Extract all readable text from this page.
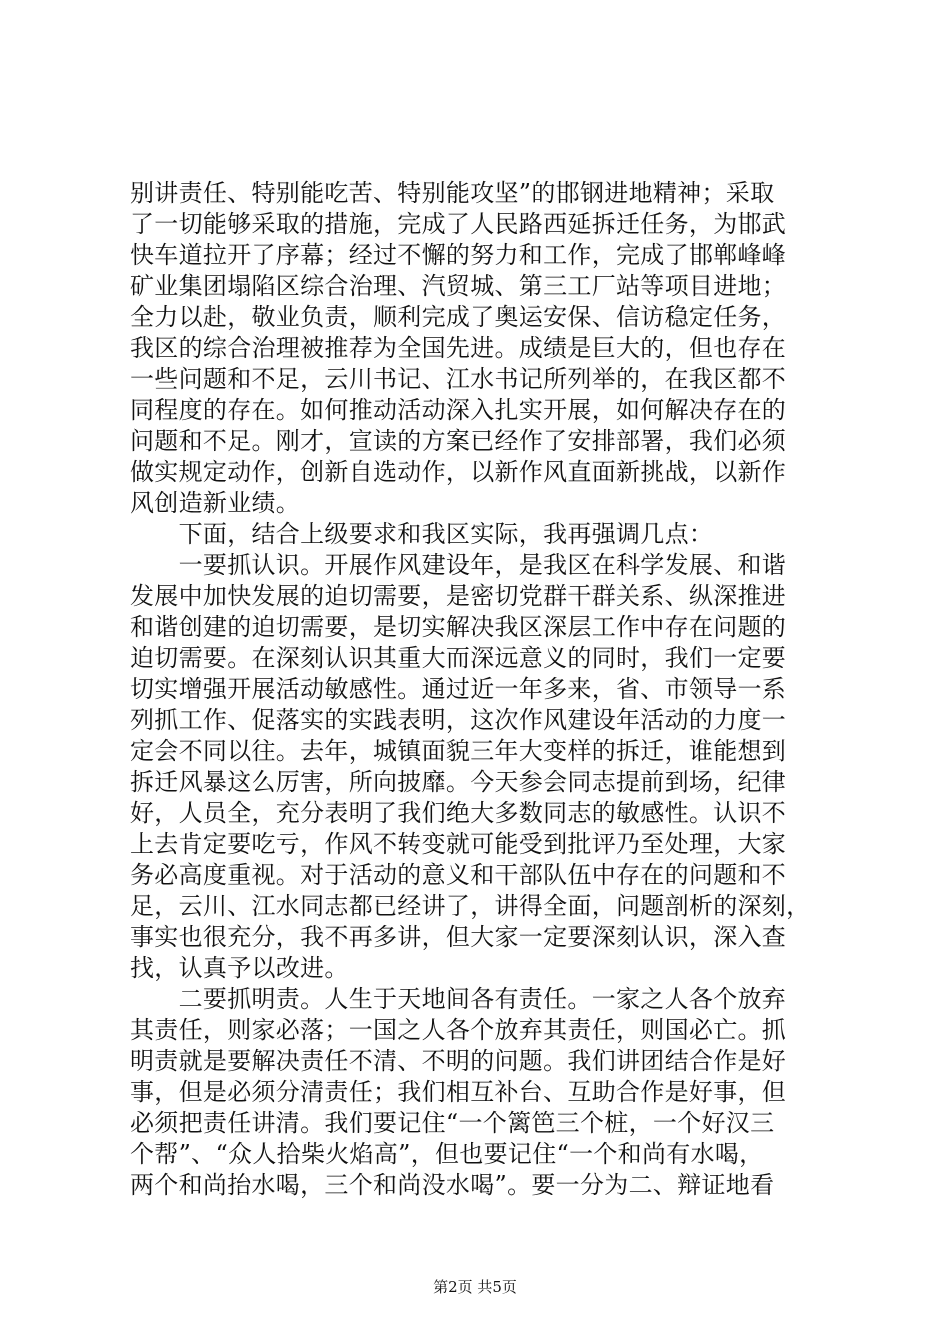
别讲责任、特别能吃苦、特别能攻坚”的邯钢进地精神；采取
了一切能够采取的措施，完成了人民路西延拆迁任务，为邯武
快车道拉开了序幕；经过不懈的努力和工作，完成了邯郸峰峰
矿业集团塌陷区综合治理、汽贸城、第三工厂站等项目进地；
全力以赴，敬业负责，顺利完成了奥运安保、信访稳定任务，
我区的综合治理被推荐为全国先进。成绩是巨大的，但也存在
一些问题和不足，云川书记、江水书记所列举的，在我区都不
同程度的存在。如何推动活动深入扎实开展，如何解决存在的
问题和不足。刚才，宣读的方案已经作了安排部署，我们必须
做实规定动作，创新自选动作，以新作风直面新挑战，以新作
风创造新业绩。
　　下面，结合上级要求和我区实际，我再强调几点：
　　一要抓认识。开展作风建设年，是我区在科学发展、和谐
发展中加快发展的迫切需要，是密切党群干群关系、纵深推进
和谐创建的迫切需要，是切实解决我区深层工作中存在问题的
迫切需要。在深刻认识其重大而深远意义的同时，我们一定要
切实增强开展活动敏感性。通过近一年多来，省、市领导一系
列抓工作、促落实的实践表明，这次作风建设年活动的力度一
定会不同以往。去年，城镇面貌三年大变样的拆迁，谁能想到
拆迁风暴这么厉害，所向披靡。今天参会同志提前到场，纪律
好，人员全，充分表明了我们绝大多数同志的敏感性。认识不
上去肯定要吃亏，作风不转变就可能受到批评乃至处理，大家
务必高度重视。对于活动的意义和干部队伍中存在的问题和不
足，云川、江水同志都已经讲了，讲得全面，问题剖析的深刻，
事实也很充分，我不再多讲，但大家一定要深刻认识，深入查
找，认真予以改进。
　　二要抓明责。人生于天地间各有责任。一家之人各个放弃
其责任，则家必落；一国之人各个放弃其责任，则国必亡。抓
明责就是要解决责任不清、不明的问题。我们讲团结合作是好
事，但是必须分清责任；我们相互补台、互助合作是好事，但
必须把责任讲清。我们要记住“一个篱笆三个桩，一个好汉三
个帮”、“众人拾柴火焰高”，但也要记住“一个和尚有水喝，
两个和尚抬水喝，三个和尚没水喝”。要一分为二、辩证地看
第2页 共5页
